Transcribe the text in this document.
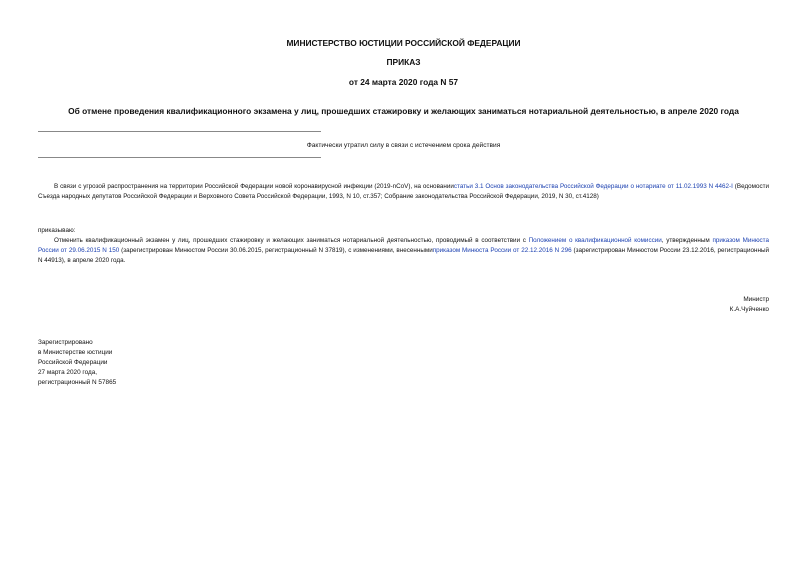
МИНИСТЕРСТВО ЮСТИЦИИ РОССИЙСКОЙ ФЕДЕРАЦИИ
ПРИКАЗ
от 24 марта 2020 года N 57
Об отмене проведения квалификационного экзамена у лиц, прошедших стажировку и желающих заниматься нотариальной деятельностью, в апреле 2020 года
Фактически утратил силу в связи с истечением срока действия
В связи с угрозой распространения на территории Российской Федерации новой коронавирусной инфекции (2019-nCoV), на основаниистатьи 3.1 Основ законодательства Российской Федерации о нотариате от 11.02.1993 N 4462-I (Ведомости Съезда народных депутатов Российской Федерации и Верховного Совета Российской Федерации, 1993, N 10, ст.357; Собрание законодательства Российской Федерации, 2019, N 30, ст.4128)
приказываю:
Отменить квалификационный экзамен у лиц, прошедших стажировку и желающих заниматься нотариальной деятельностью, проводимый в соответствии с Положением о квалификационной комиссии, утвержденным приказом Минюста России от 29.06.2015 N 150 (зарегистрирован Минюстом России 30.06.2015, регистрационный N 37819), с изменениями, внесеннымиприказом Минюста России от 22.12.2016 N 296 (зарегистрирован Минюстом России 23.12.2016, регистрационный N 44913), в апреле 2020 года.
Министр
К.А.Чуйченко
Зарегистрировано
в Министерстве юстиции
Российской Федерации
27 марта 2020 года,
регистрационный N 57865
